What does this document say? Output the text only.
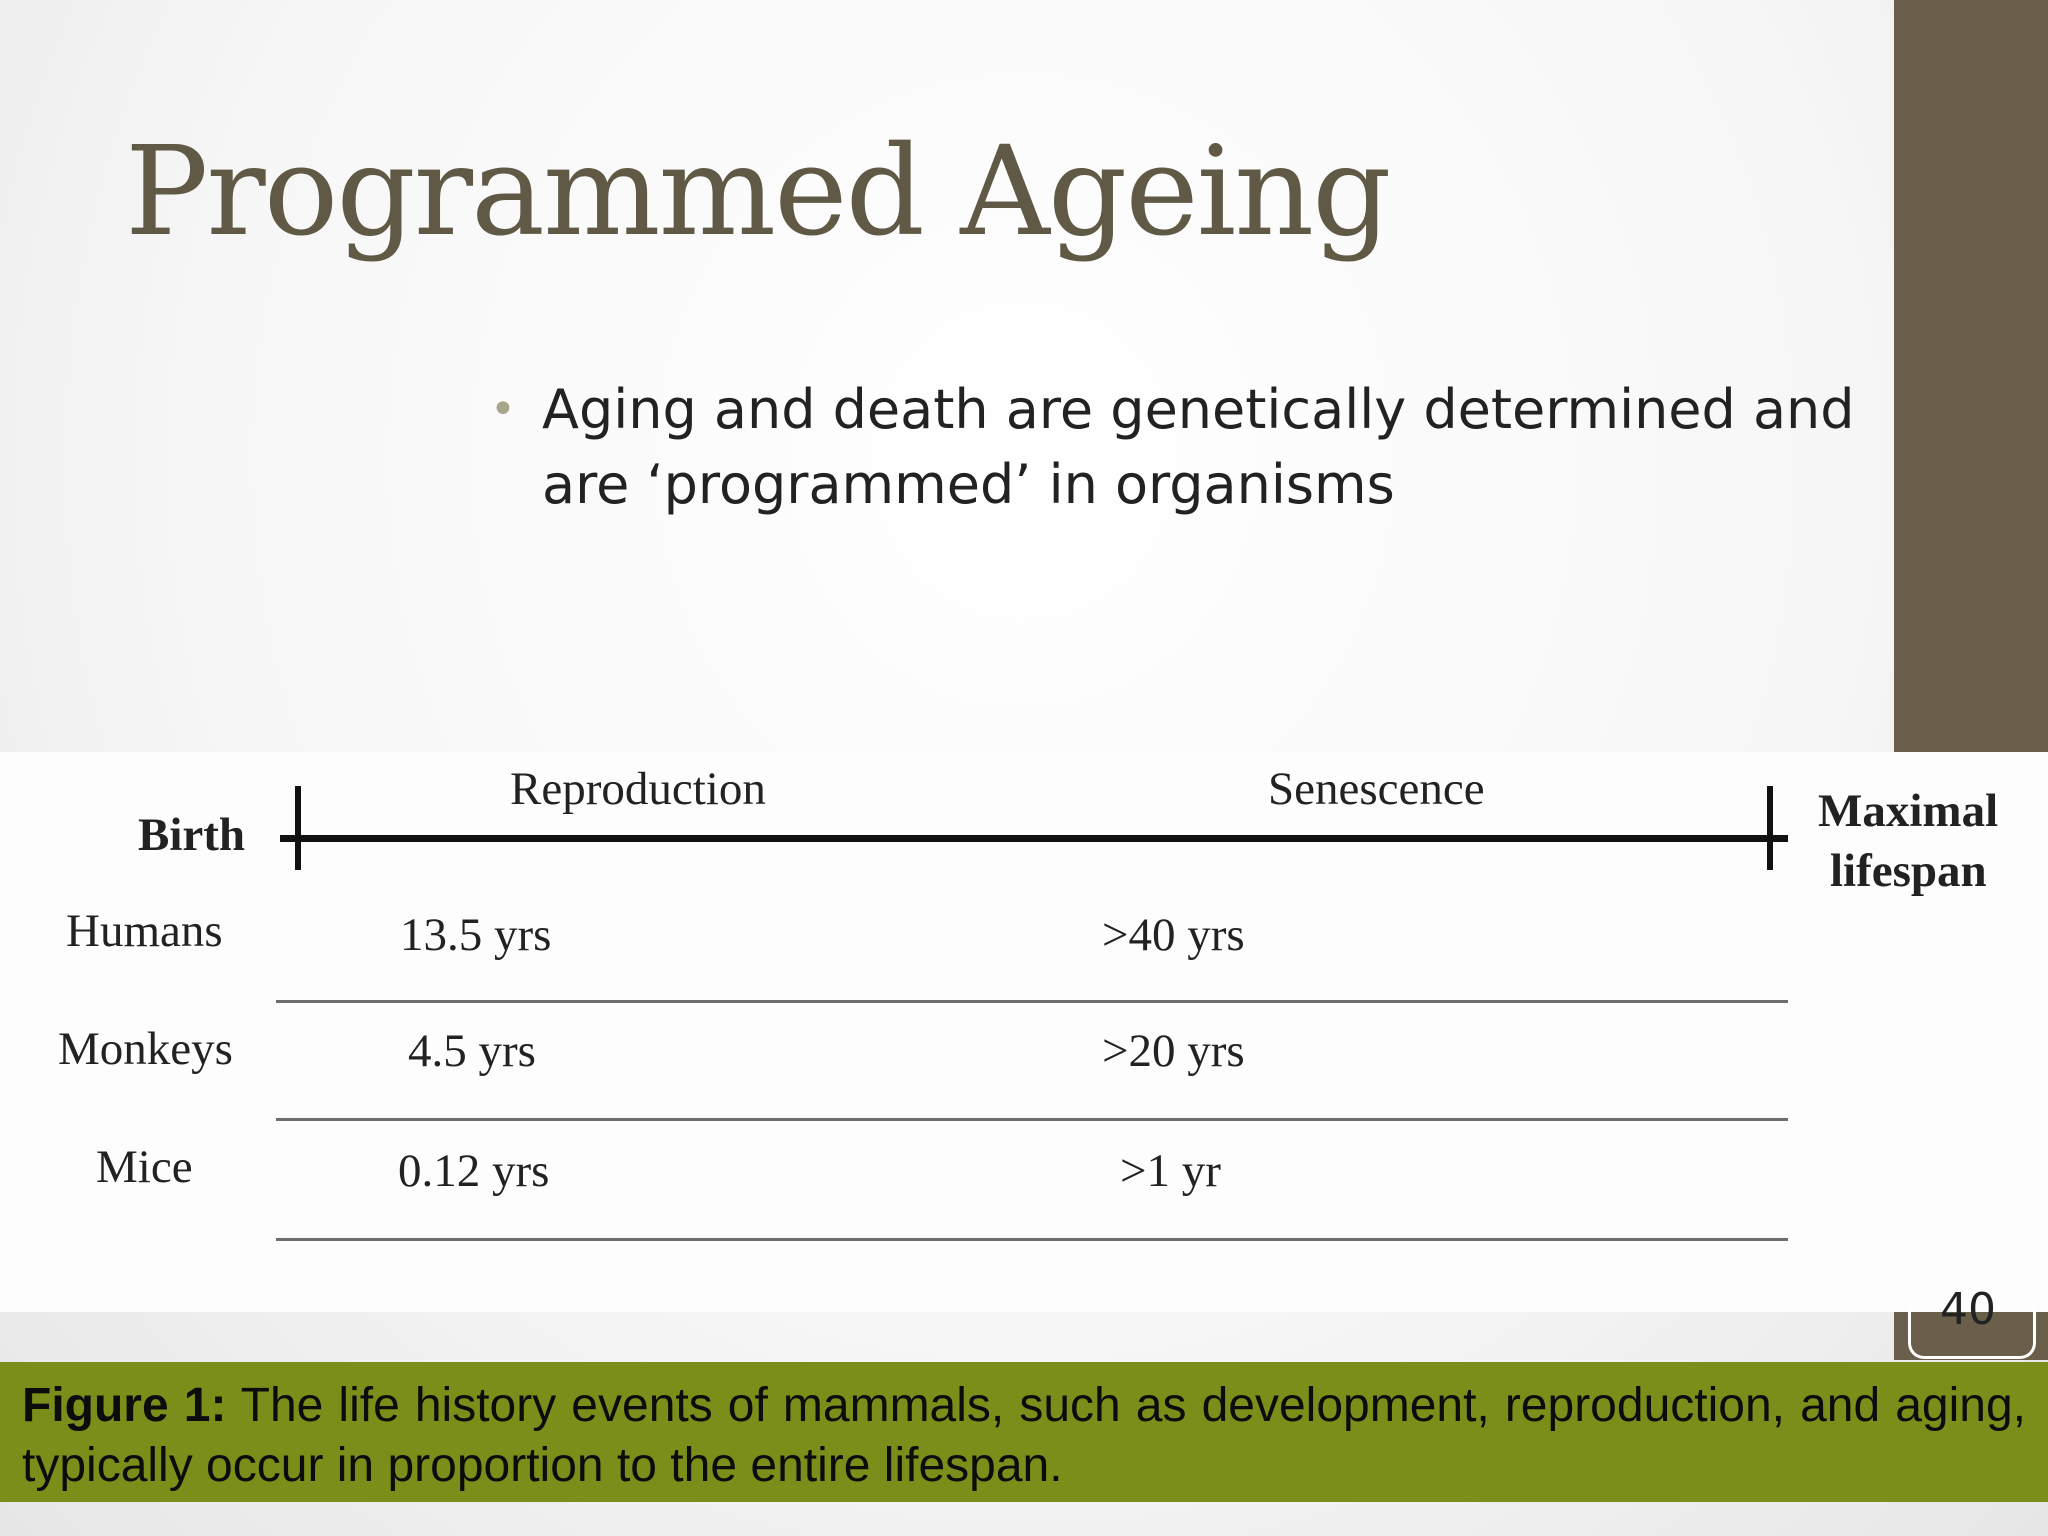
Programmed Ageing
• Aging and death are genetically determined and are ‘programmed’ in organisms
Birth
Reproduction	Senescence	Maximal
lifespan
Humans	13.5 yrs	>40 yrs
Monkeys	4.5 yrs	>20 yrs
Mice	0.12 yrs	>1 yr
40
Figure 1: The life history events of mammals, such as development, reproduction, and aging, typically occur in proportion to the entire lifespan.
